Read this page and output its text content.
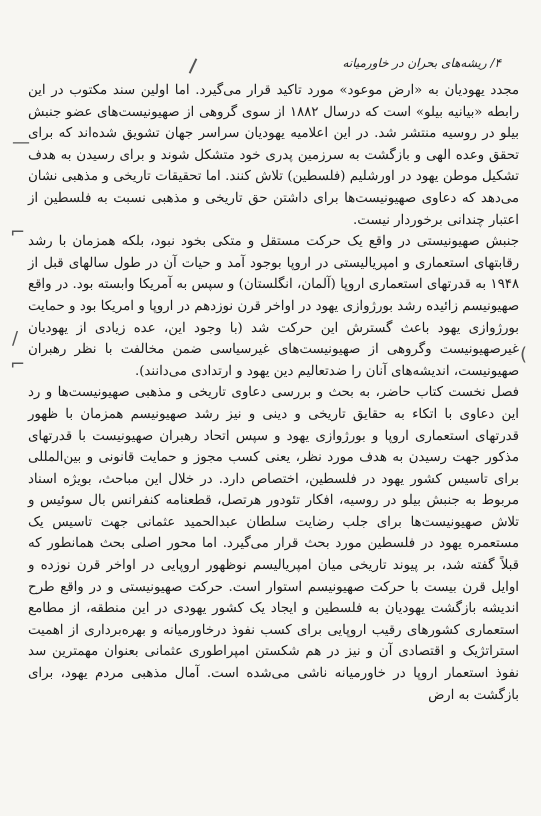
۴/ ریشه‌های بحران در خاورمیانه
—
⌐
/
(
⌐

مجدد یهودیان به «ارض موعود» مورد تاکید قرار می‌گیرد. اما اولین سند مکتوب در این رابطه «بیانیه بیلو» است که درسال ۱۸۸۲ از سوی گروهی از صهیونیست‌های عضو جنبش بیلو در روسیه منتشر شد. در این اعلامیه یهودیان سراسر جهان تشویق شده‌اند که برای تحقق وعده الهی و بازگشت به سرزمین پدری خود متشکل شوند و برای رسیدن به هدف تشکیل موطن یهود در اورشلیم (فلسطین) تلاش کنند. اما تحقیقات تاریخی و مذهبی نشان می‌دهد که دعاوی صهیونیست‌ها برای داشتن حق تاریخی و مذهبی نسبت به فلسطین از اعتبار چندانی برخوردار نیست.

جنبش صهیونیستی در واقع یک حرکت مستقل و متکی بخود نبود، بلکه همزمان با رشد رقابتهای استعماری و امپریالیستی در اروپا بوجود آمد و حیات آن در طول سالهای قبل از ۱۹۴۸ به قدرتهای استعماری اروپا (آلمان، انگلستان) و سپس به آمریکا وابسته بود. در واقع صهیونیسم زائیده رشد بورژوازی یهود در اواخر قرن نوزدهم در اروپا و امریکا بود و حمایت بورژوازی یهود باعث گسترش این حرکت شد (با وجود این، عده زیادی از یهودیان غیرصهیونیست وگروهی از صهیونیست‌های غیرسیاسی ضمن مخالفت با نظر رهبران صهیونیست، اندیشه‌های آنان را ضدتعالیم دین یهود و ارتدادی می‌دانند).

فصل نخست کتاب حاضر، به بحث و بررسی دعاوی تاریخی و مذهبی صهیونیست‌ها و رد این دعاوی با اتکاء به حقایق تاریخی و دینی و نیز رشد صهیونیسم همزمان با ظهور قدرتهای استعماری اروپا و بورژوازی یهود و سپس اتحاد رهبران صهیونیست با قدرتهای مذکور جهت رسیدن به هدف مورد نظر، یعنی کسب مجوز و حمایت قانونی و بین‌المللی برای تاسیس کشور یهود در فلسطین، اختصاص دارد. در خلال این مباحث، بویژه اسناد مربوط به جنبش بیلو در روسیه، افکار تئودور هرتصل، قطعنامه کنفرانس بال سوئیس و تلاش صهیونیست‌ها برای جلب رضایت سلطان عبدالحمید عثمانی جهت تاسیس یک مستعمره یهود در فلسطین مورد بحث قرار می‌گیرد. اما محور اصلی بحث همانطور که قبلاً گفته شد، بر پیوند تاریخی میان امپریالیسم نوظهور اروپایی در اواخر قرن نوزده و اوایل قرن بیست با حرکت صهیونیسم استوار است. حرکت صهیونیستی و در واقع طرح اندیشه بازگشت یهودیان به فلسطین و ایجاد یک کشور یهودی در این منطقه، از مطامع استعماری کشورهای رقیب اروپایی برای کسب نفوذ درخاورمیانه و بهره‌برداری از اهمیت استراتژیک و اقتصادی آن و نیز در هم شکستن امپراطوری عثمانی بعنوان مهمترین سد نفوذ استعمار اروپا در خاورمیانه ناشی می‌شده است. آمال مذهبی مردم یهود، برای بازگشت به ارض
